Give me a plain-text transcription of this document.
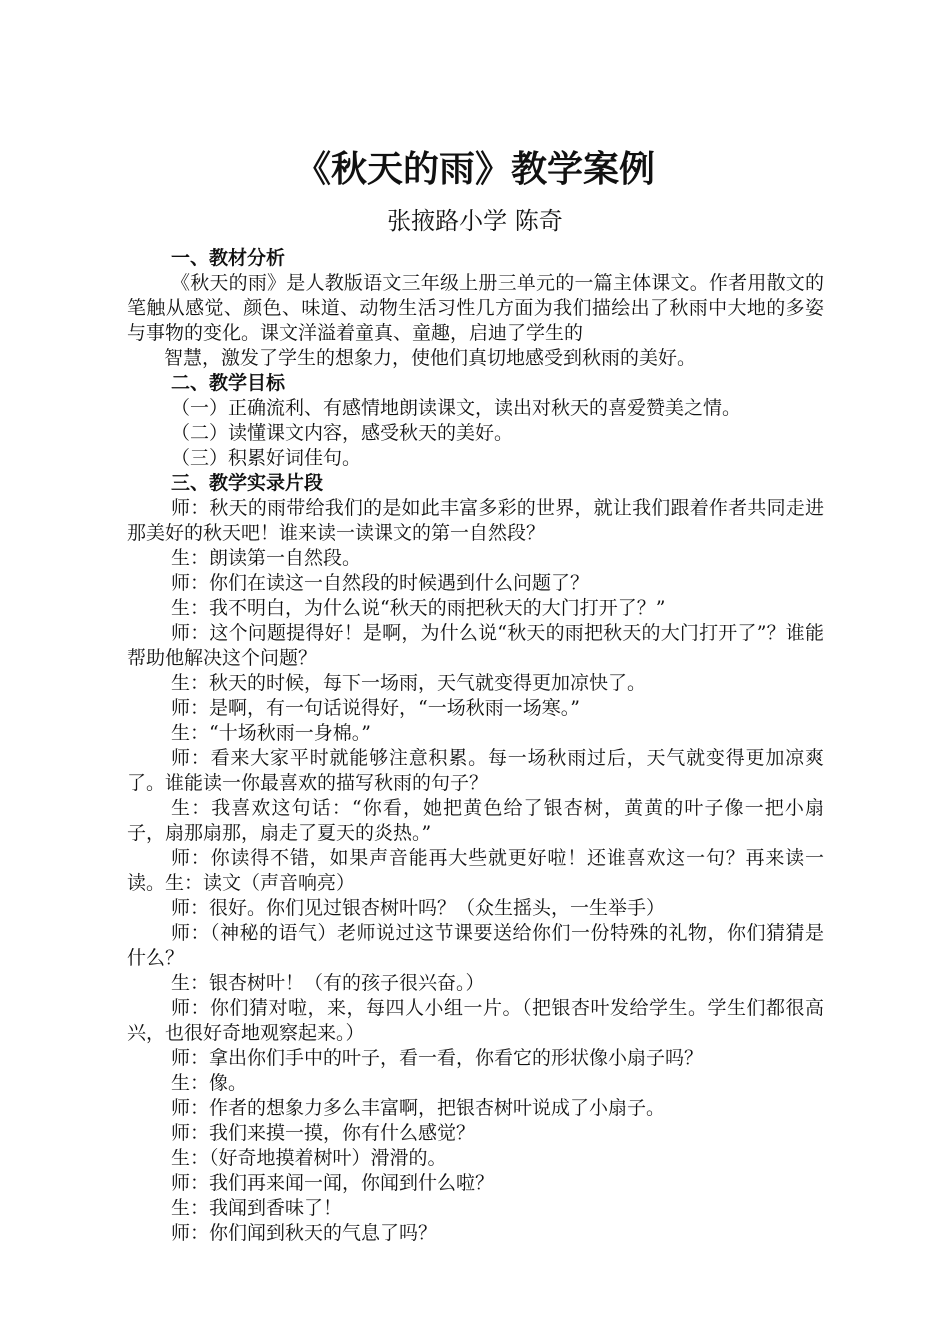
《秋天的雨》教学案例
张掖路小学 陈奇
一、教材分析
《秋天的雨》是人教版语文三年级上册三单元的一篇主体课文。作者用散文的笔触从感觉、颜色、味道、动物生活习性几方面为我们描绘出了秋雨中大地的多姿与事物的变化。课文洋溢着童真、童趣，启迪了学生的
智慧，激发了学生的想象力，使他们真切地感受到秋雨的美好。
二、教学目标
（一）正确流利、有感情地朗读课文，读出对秋天的喜爱赞美之情。
（二）读懂课文内容，感受秋天的美好。
（三）积累好词佳句。
三、教学实录片段
师：秋天的雨带给我们的是如此丰富多彩的世界，就让我们跟着作者共同走进那美好的秋天吧！谁来读一读课文的第一自然段？
生：朗读第一自然段。
师：你们在读这一自然段的时候遇到什么问题了？
生：我不明白，为什么说“秋天的雨把秋天的大门打开了？”
师：这个问题提得好！是啊，为什么说“秋天的雨把秋天的大门打开了”？谁能帮助他解决这个问题？
生：秋天的时候，每下一场雨，天气就变得更加凉快了。
师：是啊，有一句话说得好，“一场秋雨一场寒。”
生：“十场秋雨一身棉。”
师：看来大家平时就能够注意积累。每一场秋雨过后，天气就变得更加凉爽了。谁能读一你最喜欢的描写秋雨的句子？
生：我喜欢这句话：“你看，她把黄色给了银杏树，黄黄的叶子像一把小扇子，扇那扇那，扇走了夏天的炎热。”
师：你读得不错，如果声音能再大些就更好啦！还谁喜欢这一句？再来读一读。生：读文（声音响亮）
师：很好。你们见过银杏树叶吗？（众生摇头，一生举手）
师：（神秘的语气）老师说过这节课要送给你们一份特殊的礼物，你们猜猜是什么？
生：银杏树叶！（有的孩子很兴奋。）
师：你们猜对啦，来，每四人小组一片。（把银杏叶发给学生。学生们都很高兴，也很好奇地观察起来。）
师：拿出你们手中的叶子，看一看，你看它的形状像小扇子吗？
生：像。
师：作者的想象力多么丰富啊，把银杏树叶说成了小扇子。
师：我们来摸一摸，你有什么感觉？
生：（好奇地摸着树叶）滑滑的。
师：我们再来闻一闻，你闻到什么啦？
生：我闻到香味了！
师：你们闻到秋天的气息了吗？
